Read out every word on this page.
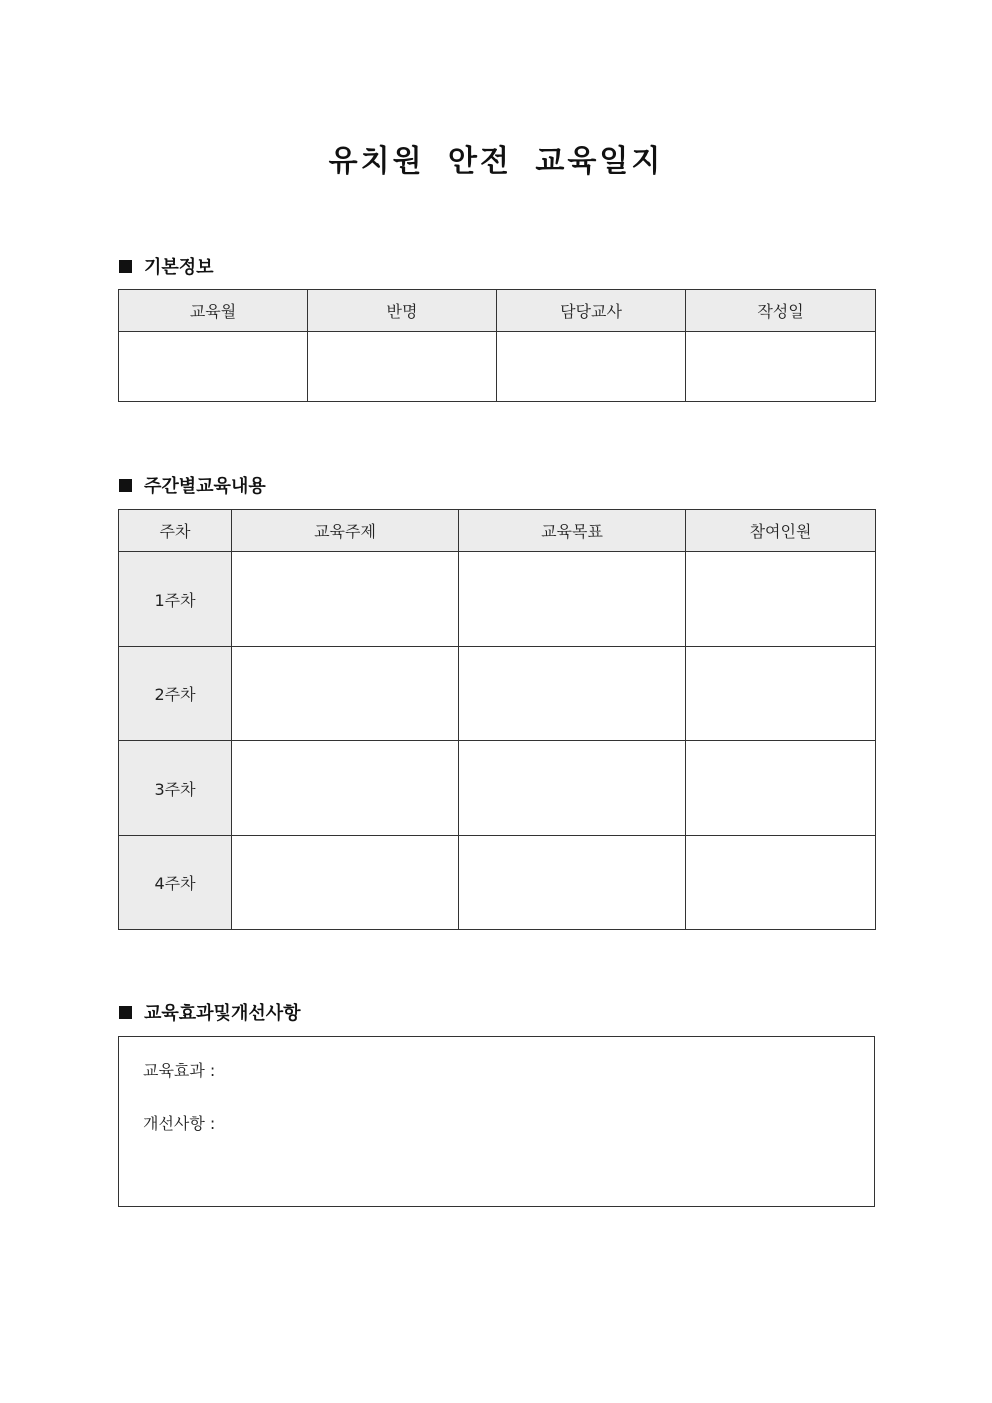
유치원 안전 교육일지
기본정보
교육월	반명	담당교사	작성일

주간별교육내용
주차	교육주제	교육목표	참여인원
1주차			
2주차			
3주차			
4주차			
교육효과및개선사항
교육효과 :
개선사항 :
